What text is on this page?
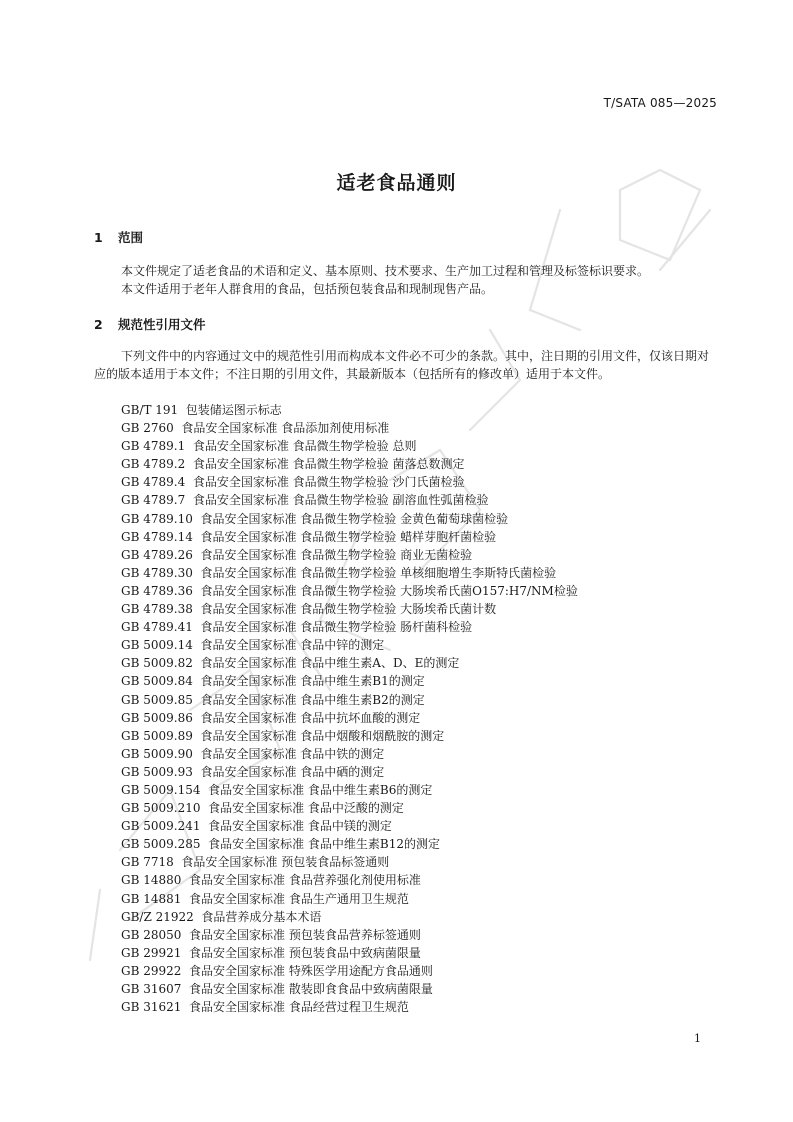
T/SATA 085—2025
适老食品通则
1 范围

本文件规定了适老食品的术语和定义、基本原则、技术要求、生产加工过程和管理及标签标识要求。

本文件适用于老年人群食用的食品，包括预包装食品和现制现售产品。

2 规范性引用文件

下列文件中的内容通过文中的规范性引用而构成本文件必不可少的条款。其中，注日期的引用文件，仅该日期对应的版本适用于本文件；不注日期的引用文件，其最新版本（包括所有的修改单）适用于本文件。

GB/T 191  包装储运图示标志
GB 2760  食品安全国家标准 食品添加剂使用标准
GB 4789.1  食品安全国家标准 食品微生物学检验 总则
GB 4789.2  食品安全国家标准 食品微生物学检验 菌落总数测定
GB 4789.4  食品安全国家标准 食品微生物学检验 沙门氏菌检验
GB 4789.7  食品安全国家标准 食品微生物学检验 副溶血性弧菌检验
GB 4789.10  食品安全国家标准 食品微生物学检验 金黄色葡萄球菌检验
GB 4789.14  食品安全国家标准 食品微生物学检验 蜡样芽胞杆菌检验
GB 4789.26  食品安全国家标准 食品微生物学检验 商业无菌检验
GB 4789.30  食品安全国家标准 食品微生物学检验 单核细胞增生李斯特氏菌检验
GB 4789.36  食品安全国家标准 食品微生物学检验 大肠埃希氏菌O157:H7/NM检验
GB 4789.38  食品安全国家标准 食品微生物学检验 大肠埃希氏菌计数
GB 4789.41  食品安全国家标准 食品微生物学检验 肠杆菌科检验
GB 5009.14  食品安全国家标准 食品中锌的测定
GB 5009.82  食品安全国家标准 食品中维生素A、D、E的测定
GB 5009.84  食品安全国家标准 食品中维生素B1的测定
GB 5009.85  食品安全国家标准 食品中维生素B2的测定
GB 5009.86  食品安全国家标准 食品中抗坏血酸的测定
GB 5009.89  食品安全国家标准 食品中烟酸和烟酰胺的测定
GB 5009.90  食品安全国家标准 食品中铁的测定
GB 5009.93  食品安全国家标准 食品中硒的测定
GB 5009.154  食品安全国家标准 食品中维生素B6的测定
GB 5009.210  食品安全国家标准 食品中泛酸的测定
GB 5009.241  食品安全国家标准 食品中镁的测定
GB 5009.285  食品安全国家标准 食品中维生素B12的测定
GB 7718  食品安全国家标准 预包装食品标签通则
GB 14880  食品安全国家标准 食品营养强化剂使用标准
GB 14881  食品安全国家标准 食品生产通用卫生规范
GB/Z 21922  食品营养成分基本术语
GB 28050  食品安全国家标准 预包装食品营养标签通则
GB 29921  食品安全国家标准 预包装食品中致病菌限量
GB 29922  食品安全国家标准 特殊医学用途配方食品通则
GB 31607  食品安全国家标准 散装即食食品中致病菌限量
GB 31621  食品安全国家标准 食品经营过程卫生规范
1
